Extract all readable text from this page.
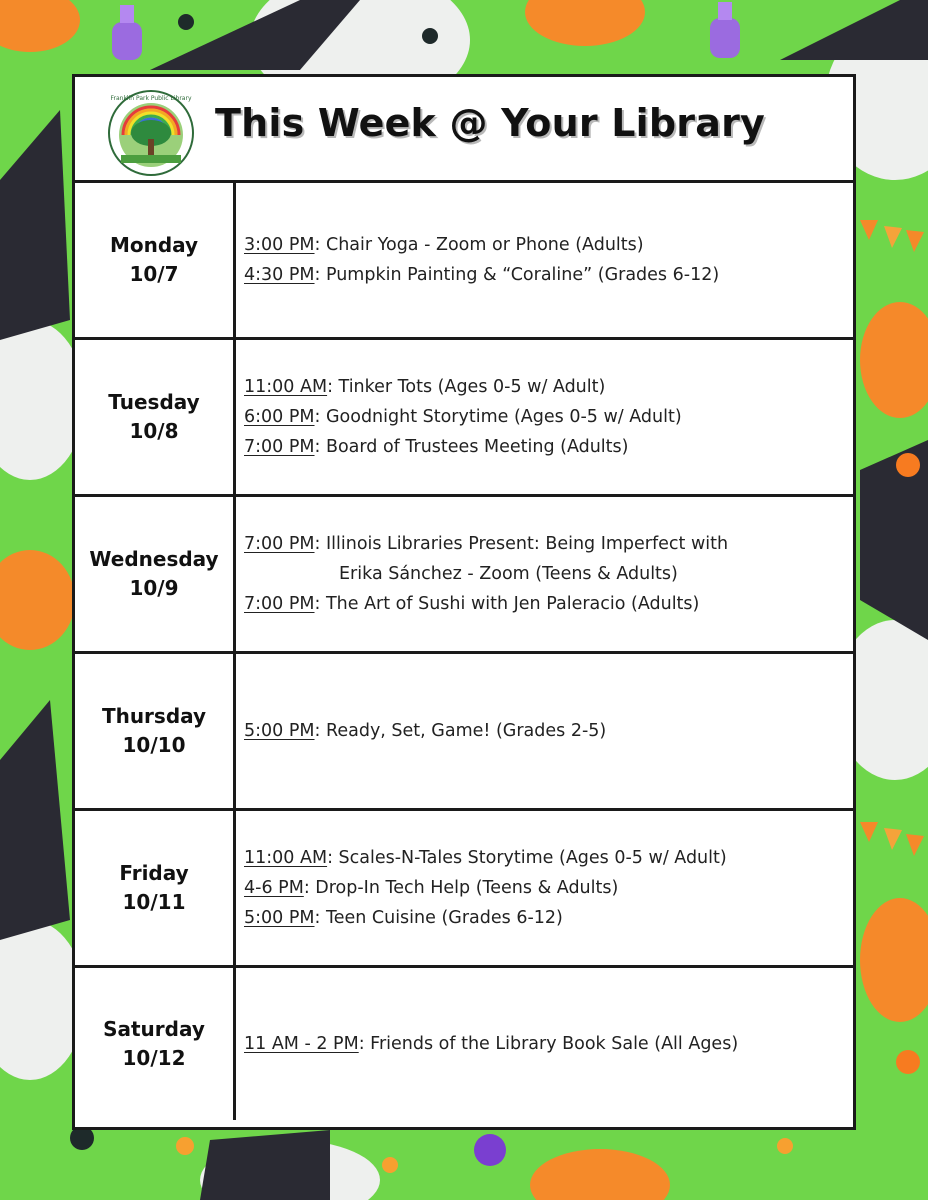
Franklin Park Public Library
This Week @ Your Library
Monday
10/7
3:00 PM: Chair Yoga - Zoom or Phone (Adults)
4:30 PM: Pumpkin Painting & “Coraline” (Grades 6-12)
Tuesday
10/8
11:00 AM: Tinker Tots (Ages 0-5 w/ Adult)
6:00 PM: Goodnight Storytime (Ages 0-5 w/ Adult)
7:00 PM: Board of Trustees Meeting (Adults)
Wednesday
10/9
7:00 PM: Illinois Libraries Present: Being Imperfect with
Erika Sánchez - Zoom (Teens & Adults)
7:00 PM: The Art of Sushi with Jen Paleracio (Adults)
Thursday
10/10
5:00 PM: Ready, Set, Game! (Grades 2-5)
Friday
10/11
11:00 AM: Scales-N-Tales Storytime (Ages 0-5 w/ Adult)
4-6 PM: Drop-In Tech Help (Teens & Adults)
5:00 PM: Teen Cuisine (Grades 6-12)
Saturday
10/12
11 AM - 2 PM: Friends of the Library Book Sale (All Ages)
